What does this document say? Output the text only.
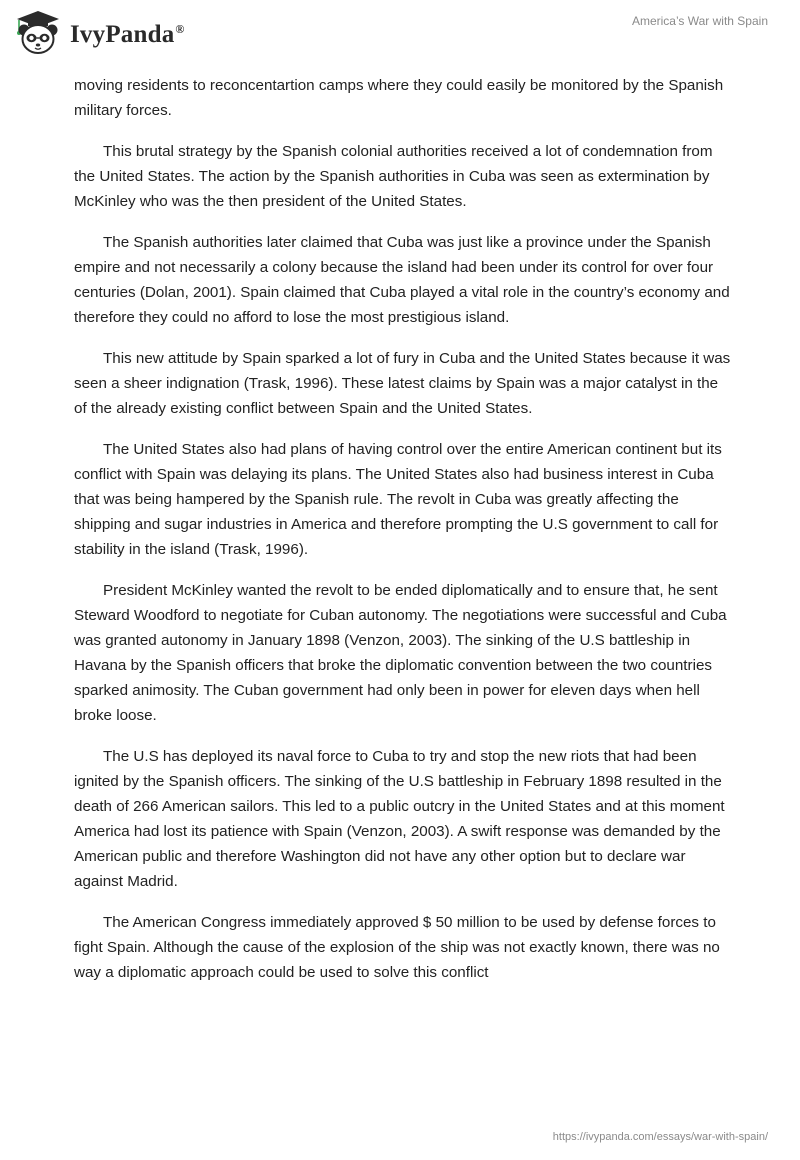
IvyPanda®
America’s War with Spain

moving residents to reconcentartion camps where they could easily be monitored by the Spanish military forces.

This brutal strategy by the Spanish colonial authorities received a lot of condemnation from the United States. The action by the Spanish authorities in Cuba was seen as extermination by McKinley who was the then president of the United States.

The Spanish authorities later claimed that Cuba was just like a province under the Spanish empire and not necessarily a colony because the island had been under its control for over four centuries (Dolan, 2001). Spain claimed that Cuba played a vital role in the country’s economy and therefore they could no afford to lose the most prestigious island.

This new attitude by Spain sparked a lot of fury in Cuba and the United States because it was seen a sheer indignation (Trask, 1996). These latest claims by Spain was a major catalyst in the of the already existing conflict between Spain and the United States.

The United States also had plans of having control over the entire American continent but its conflict with Spain was delaying its plans. The United States also had business interest in Cuba that was being hampered by the Spanish rule. The revolt in Cuba was greatly affecting the shipping and sugar industries in America and therefore prompting the U.S government to call for stability in the island (Trask, 1996).

President McKinley wanted the revolt to be ended diplomatically and to ensure that, he sent Steward Woodford to negotiate for Cuban autonomy. The negotiations were successful and Cuba was granted autonomy in January 1898 (Venzon, 2003). The sinking of the U.S battleship in Havana by the Spanish officers that broke the diplomatic convention between the two countries sparked animosity. The Cuban government had only been in power for eleven days when hell broke loose.

The U.S has deployed its naval force to Cuba to try and stop the new riots that had been ignited by the Spanish officers. The sinking of the U.S battleship in February 1898 resulted in the death of 266 American sailors. This led to a public outcry in the United States and at this moment America had lost its patience with Spain (Venzon, 2003). A swift response was demanded by the American public and therefore Washington did not have any other option but to declare war against Madrid.

The American Congress immediately approved $ 50 million to be used by defense forces to fight Spain. Although the cause of the explosion of the ship was not exactly known, there was no way a diplomatic approach could be used to solve this conflict

https://ivypanda.com/essays/war-with-spain/
